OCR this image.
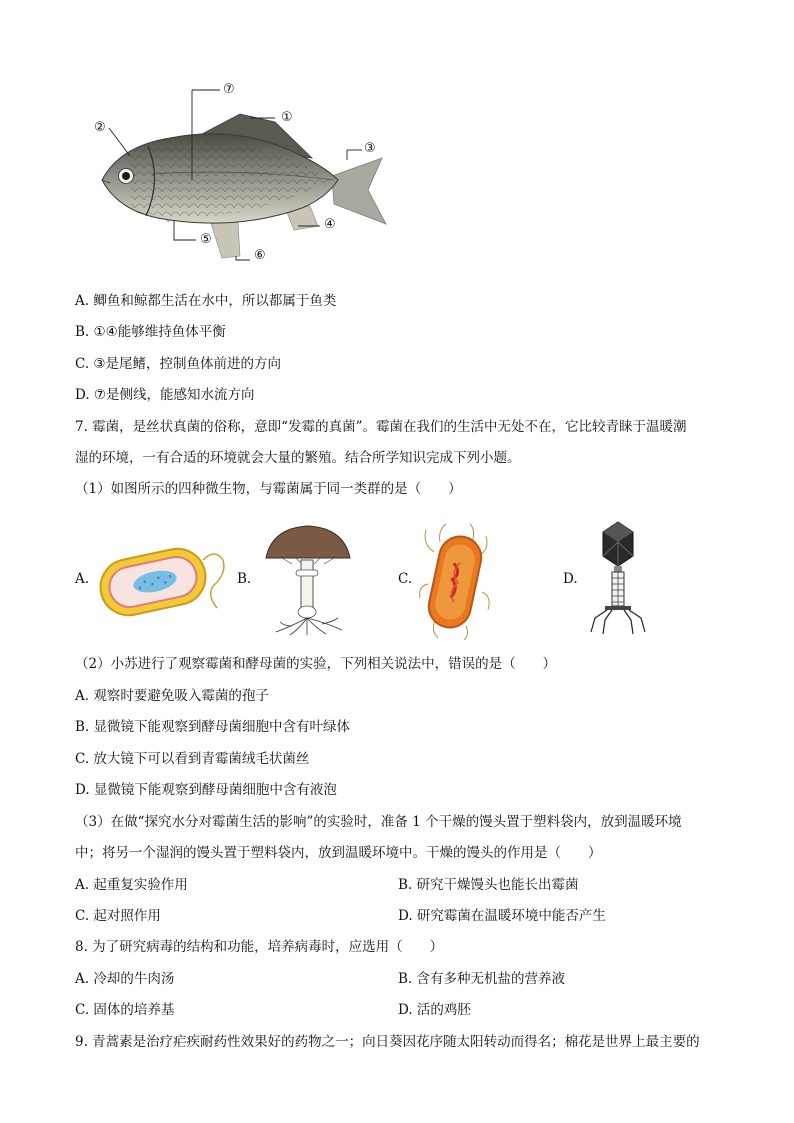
⑦
①
②
③
④
⑤
⑥
A. 鲫鱼和鲸都生活在水中，所以都属于鱼类
B. ①④能够维持鱼体平衡
C. ③是尾鳍，控制鱼体前进的方向
D. ⑦是侧线，能感知水流方向
7. 霉菌，是丝状真菌的俗称，意即“发霉的真菌”。霉菌在我们的生活中无处不在，它比较青睐于温暖潮
湿的环境，一有合适的环境就会大量的繁殖。结合所学知识完成下列小题。
（1）如图所示的四种微生物，与霉菌属于同一类群的是（　　）
A.	B.	C.	D.
（2）小苏进行了观察霉菌和酵母菌的实验，下列相关说法中，错误的是（　　）
A. 观察时要避免吸入霉菌的孢子
B. 显微镜下能观察到酵母菌细胞中含有叶绿体
C. 放大镜下可以看到青霉菌绒毛状菌丝
D. 显微镜下能观察到酵母菌细胞中含有液泡
（3）在做“探究水分对霉菌生活的影响”的实验时，准备 1 个干燥的馒头置于塑料袋内，放到温暖环境
中；将另一个湿润的馒头置于塑料袋内，放到温暖环境中。干燥的馒头的作用是（　　）
A. 起重复实验作用	B. 研究干燥馒头也能长出霉菌
C. 起对照作用	D. 研究霉菌在温暖环境中能否产生
8. 为了研究病毒的结构和功能，培养病毒时，应选用（　　）
A. 冷却的牛肉汤	B. 含有多种无机盐的营养液
C. 固体的培养基	D. 活的鸡胚
9. 青蒿素是治疗疟疾耐药性效果好的药物之一；向日葵因花序随太阳转动而得名；棉花是世界上最主要的
